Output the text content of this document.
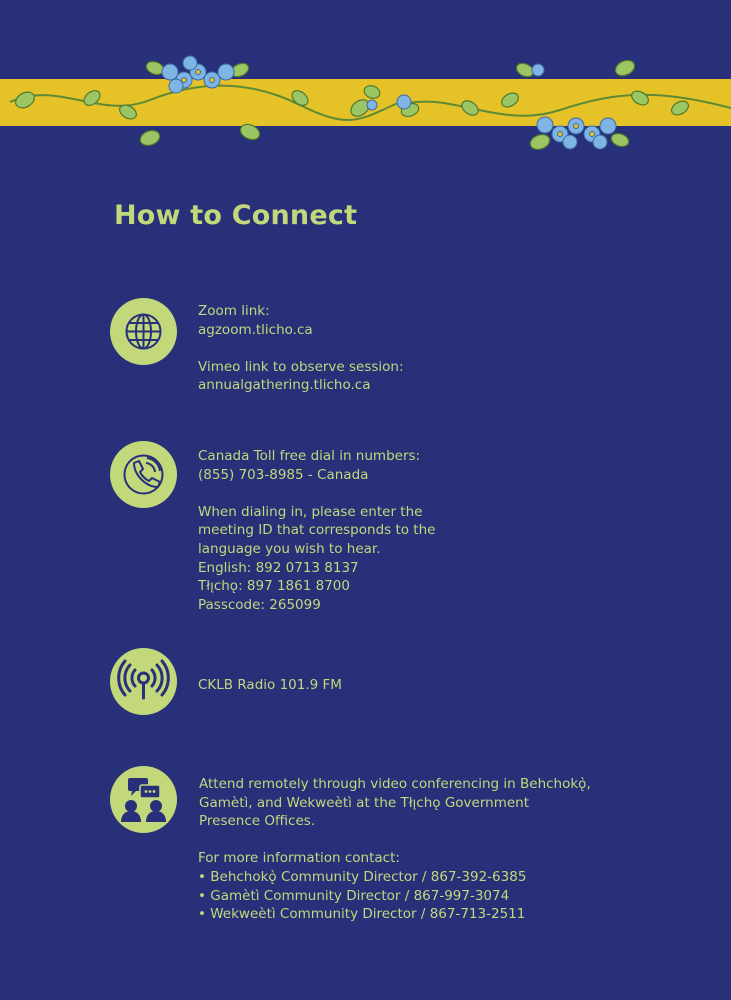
How to Connect

Zoom link:
agzoom.tlicho.ca

Vimeo link to observe session:
annualgathering.tlicho.ca

Canada Toll free dial in numbers:
(855) 703-8985 - Canada

When dialing in, please enter the
meeting ID that corresponds to the
language you wish to hear.
English: 892 0713 8137
Tłı̨chǫ: 897 1861 8700
Passcode: 265099

CKLB Radio 101.9 FM

Attend remotely through video conferencing in Behchokǫ̀,
Gamètì, and Wekweètì at the Tłı̨chǫ Government
Presence Offices.

For more information contact:
• Behchokǫ̀ Community Director / 867-392-6385
• Gamètì Community Director / 867-997-3074
• Wekweètì Community Director / 867-713-2511
